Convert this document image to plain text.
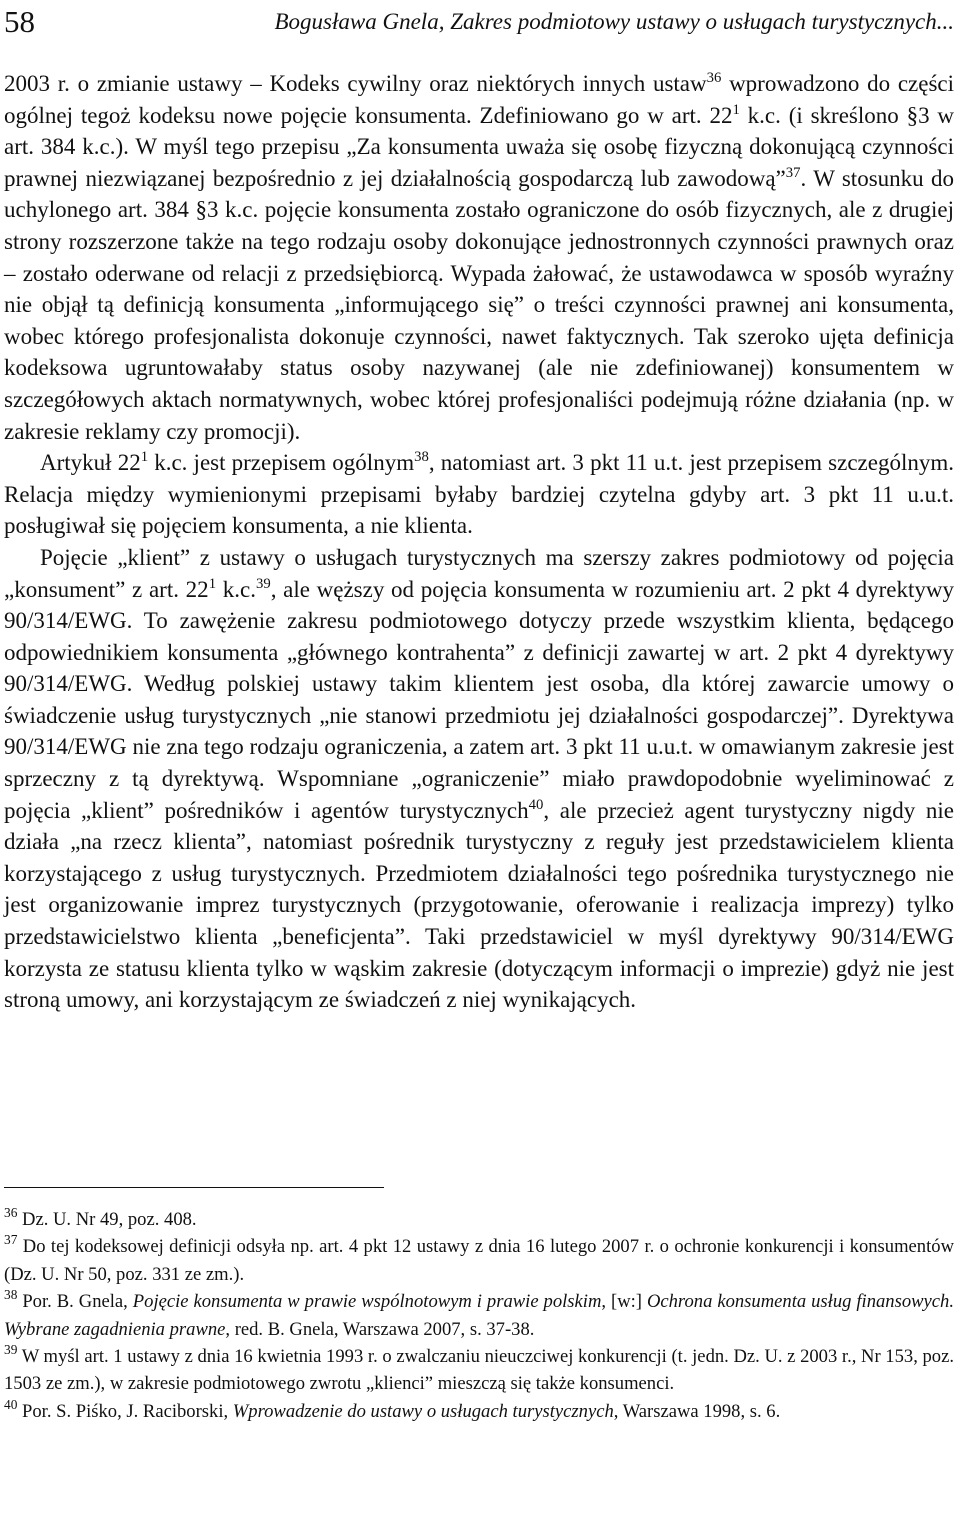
58	Bogusława Gnela, Zakres podmiotowy ustawy o usługach turystycznych...

2003 r. o zmianie ustawy – Kodeks cywilny oraz niektórych innych ustaw$^{36}$ wprowadzono do części ogólnej tegoż kodeksu nowe pojęcie konsumenta. Zdefiniowano go w art. $22^1$ k.c. (i skreślono §3 w art. 384 k.c.). W myśl tego przepisu „Za konsumenta uważa się osobę fizyczną dokonującą czynności prawnej niezwiązanej bezpośrednio z jej działalnością gospodarczą lub zawodową”$^{37}$. W stosunku do uchylonego art. 384 §3 k.c. pojęcie konsumenta zostało ograniczone do osób fizycznych, ale z drugiej strony rozszerzone także na tego rodzaju osoby dokonujące jednostronnych czynności prawnych oraz – zostało oderwane od relacji z przedsiębiorcą. Wypada żałować, że ustawodawca w sposób wyraźny nie objął tą definicją konsumenta „informującego się” o treści czynności prawnej ani konsumenta, wobec którego profesjonalista dokonuje czynności, nawet faktycznych. Tak szeroko ujęta definicja kodeksowa ugruntowałaby status osoby nazywanej (ale nie zdefiniowanej) konsumentem w szczegółowych aktach normatywnych, wobec której profesjonaliści podejmują różne działania (np. w zakresie reklamy czy promocji).

Artykuł $22^1$ k.c. jest przepisem ogólnym$^{38}$, natomiast art. 3 pkt 11 u.t. jest przepisem szczególnym. Relacja między wymienionymi przepisami byłaby bardziej czytelna gdyby art. 3 pkt 11 u.u.t. posługiwał się pojęciem konsumenta, a nie klienta.

Pojęcie „klient” z ustawy o usługach turystycznych ma szerszy zakres podmiotowy od pojęcia „konsument” z art. $22^1$ k.c.$^{39}$, ale węższy od pojęcia konsumenta w rozumieniu art. 2 pkt 4 dyrektywy 90/314/EWG. To zawężenie zakresu podmiotowego dotyczy przede wszystkim klienta, będącego odpowiednikiem konsumenta „głównego kontrahenta” z definicji zawartej w art. 2 pkt 4 dyrektywy 90/314/EWG. Według polskiej ustawy takim klientem jest osoba, dla której zawarcie umowy o świadczenie usług turystycznych „nie stanowi przedmiotu jej działalności gospodarczej”. Dyrektywa 90/314/EWG nie zna tego rodzaju ograniczenia, a zatem art. 3 pkt 11 u.u.t. w omawianym zakresie jest sprzeczny z tą dyrektywą. Wspomniane „ograniczenie” miało prawdopodobnie wyeliminować z pojęcia „klient” pośredników i agentów turystycznych$^{40}$, ale przecież agent turystyczny nigdy nie działa „na rzecz klienta”, natomiast pośrednik turystyczny z reguły jest przedstawicielem klienta korzystającego z usług turystycznych. Przedmiotem działalności tego pośrednika turystycznego nie jest organizowanie imprez turystycznych (przygotowanie, oferowanie i realizacja imprezy) tylko przedstawicielstwo klienta „beneficjenta”. Taki przedstawiciel w myśl dyrektywy 90/314/EWG korzysta ze statusu klienta tylko w wąskim zakresie (dotyczącym informacji o imprezie) gdyż nie jest stroną umowy, ani korzystającym ze świadczeń z niej wynikających.

$^{36}$ Dz. U. Nr 49, poz. 408.

$^{37}$ Do tej kodeksowej definicji odsyła np. art. 4 pkt 12 ustawy z dnia 16 lutego 2007 r. o ochronie konkurencji i konsumentów (Dz. U. Nr 50, poz. 331 ze zm.).

$^{38}$ Por. B. Gnela, Pojęcie konsumenta w prawie wspólnotowym i prawie polskim, [w:] Ochrona konsumenta usług finansowych. Wybrane zagadnienia prawne, red. B. Gnela, Warszawa 2007, s. 37-38.

$^{39}$ W myśl art. 1 ustawy z dnia 16 kwietnia 1993 r. o zwalczaniu nieuczciwej konkurencji (t. jedn. Dz. U. z 2003 r., Nr 153, poz. 1503 ze zm.), w zakresie podmiotowego zwrotu „klienci” mieszczą się także konsumenci.

$^{40}$ Por. S. Piśko, J. Raciborski, Wprowadzenie do ustawy o usługach turystycznych, Warszawa 1998, s. 6.
